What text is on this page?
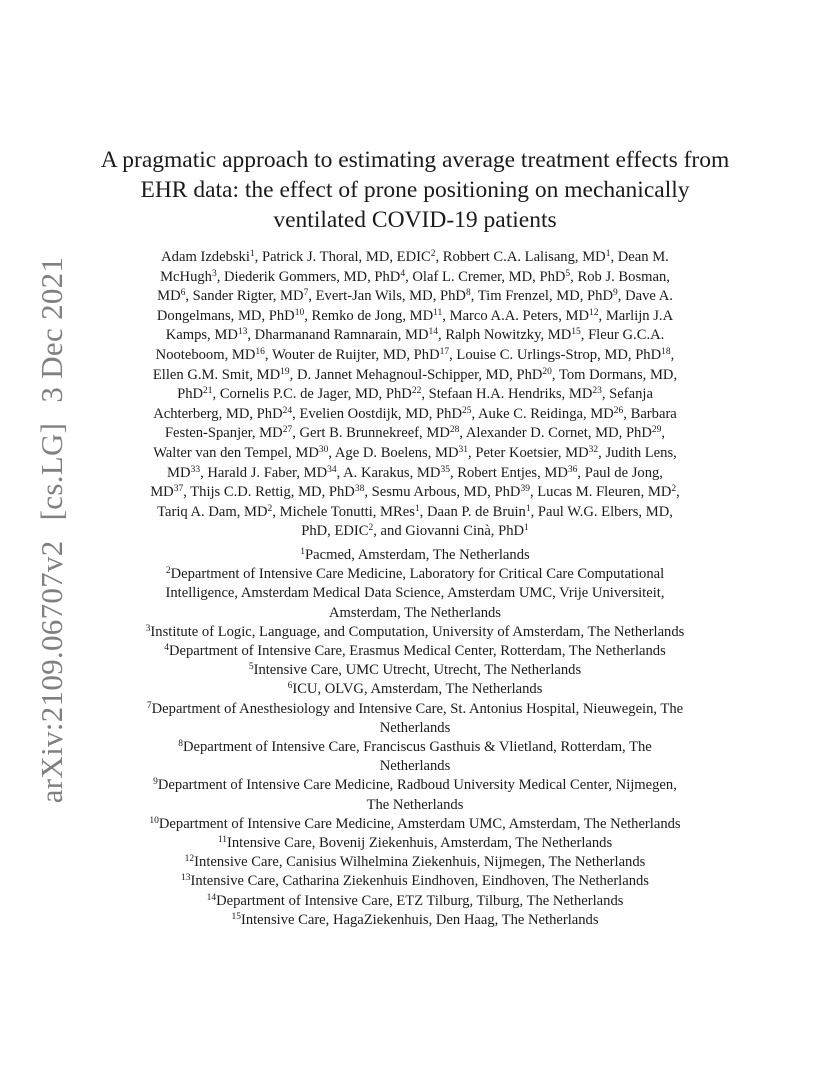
arXiv:2109.06707v2 [cs.LG] 3 Dec 2021
A pragmatic approach to estimating average treatment effects from
EHR data: the effect of prone positioning on mechanically
ventilated COVID-19 patients
Adam Izdebski$^1$, Patrick J. Thoral, MD, EDIC$^2$, Robbert C.A. Lalisang, $MD^1$, Dean M.
McHugh$^3$, Diederik Gommers, MD, PhD$^4$, Olaf L. Cremer, MD, PhD$^5$, Rob J. Bosman,
$MD^6$, Sander Rigter, $MD^7$, Evert-Jan Wils, MD, PhD$^8$, Tim Frenzel, MD, PhD$^9$, Dave A.
Dongelmans, MD, PhD$^{10}$, Remko de Jong, MD$^{11}$, Marco A.A. Peters, MD$^{12}$, Marlijn J.A
Kamps, MD$^{13}$, Dharmanand Ramnarain, MD$^{14}$, Ralph Nowitzky, MD$^{15}$, Fleur G.C.A.
Nooteboom, MD$^{16}$, Wouter de Ruijter, MD, PhD$^{17}$, Louise C. Urlings-Strop, MD, PhD$^{18}$,
Ellen G.M. Smit, MD$^{19}$, D. Jannet Mehagnoul-Schipper, MD, PhD$^{20}$, Tom Dormans, MD,
PhD$^{21}$, Cornelis P.C. de Jager, MD, PhD$^{22}$, Stefaan H.A. Hendriks, MD$^{23}$, Sefanja
Achterberg, MD, PhD$^{24}$, Evelien Oostdijk, MD, PhD$^{25}$, Auke C. Reidinga, MD$^{26}$, Barbara
Festen-Spanjer, MD$^{27}$, Gert B. Brunnekreef, MD$^{28}$, Alexander D. Cornet, MD, PhD$^{29}$,
Walter van den Tempel, MD$^{30}$, Age D. Boelens, MD$^{31}$, Peter Koetsier, MD$^{32}$, Judith Lens,
MD$^{33}$, Harald J. Faber, MD$^{34}$, A. Karakus, MD$^{35}$, Robert Entjes, MD$^{36}$, Paul de Jong,
MD$^{37}$, Thijs C.D. Rettig, MD, PhD$^{38}$, Sesmu Arbous, MD, PhD$^{39}$, Lucas M. Fleuren, $MD^2$,
Tariq A. Dam, $MD^2$, Michele Tonutti, MRes$^1$, Daan P. de Bruin$^1$, Paul W.G. Elbers, MD,
PhD, EDIC$^2$, and Giovanni Cinà, PhD$^1$
$^1$Pacmed, Amsterdam, The Netherlands
$^2$Department of Intensive Care Medicine, Laboratory for Critical Care Computational
Intelligence, Amsterdam Medical Data Science, Amsterdam UMC, Vrije Universiteit,
Amsterdam, The Netherlands
$^3$Institute of Logic, Language, and Computation, University of Amsterdam, The Netherlands
$^4$Department of Intensive Care, Erasmus Medical Center, Rotterdam, The Netherlands
$^5$Intensive Care, UMC Utrecht, Utrecht, The Netherlands
$^6$ICU, OLVG, Amsterdam, The Netherlands
$^7$Department of Anesthesiology and Intensive Care, St. Antonius Hospital, Nieuwegein, The
Netherlands
$^8$Department of Intensive Care, Franciscus Gasthuis & Vlietland, Rotterdam, The
Netherlands
$^9$Department of Intensive Care Medicine, Radboud University Medical Center, Nijmegen,
The Netherlands
$^{10}$Department of Intensive Care Medicine, Amsterdam UMC, Amsterdam, The Netherlands
$^{11}$Intensive Care, Bovenij Ziekenhuis, Amsterdam, The Netherlands
$^{12}$Intensive Care, Canisius Wilhelmina Ziekenhuis, Nijmegen, The Netherlands
$^{13}$Intensive Care, Catharina Ziekenhuis Eindhoven, Eindhoven, The Netherlands
$^{14}$Department of Intensive Care, ETZ Tilburg, Tilburg, The Netherlands
$^{15}$Intensive Care, HagaZiekenhuis, Den Haag, The Netherlands
